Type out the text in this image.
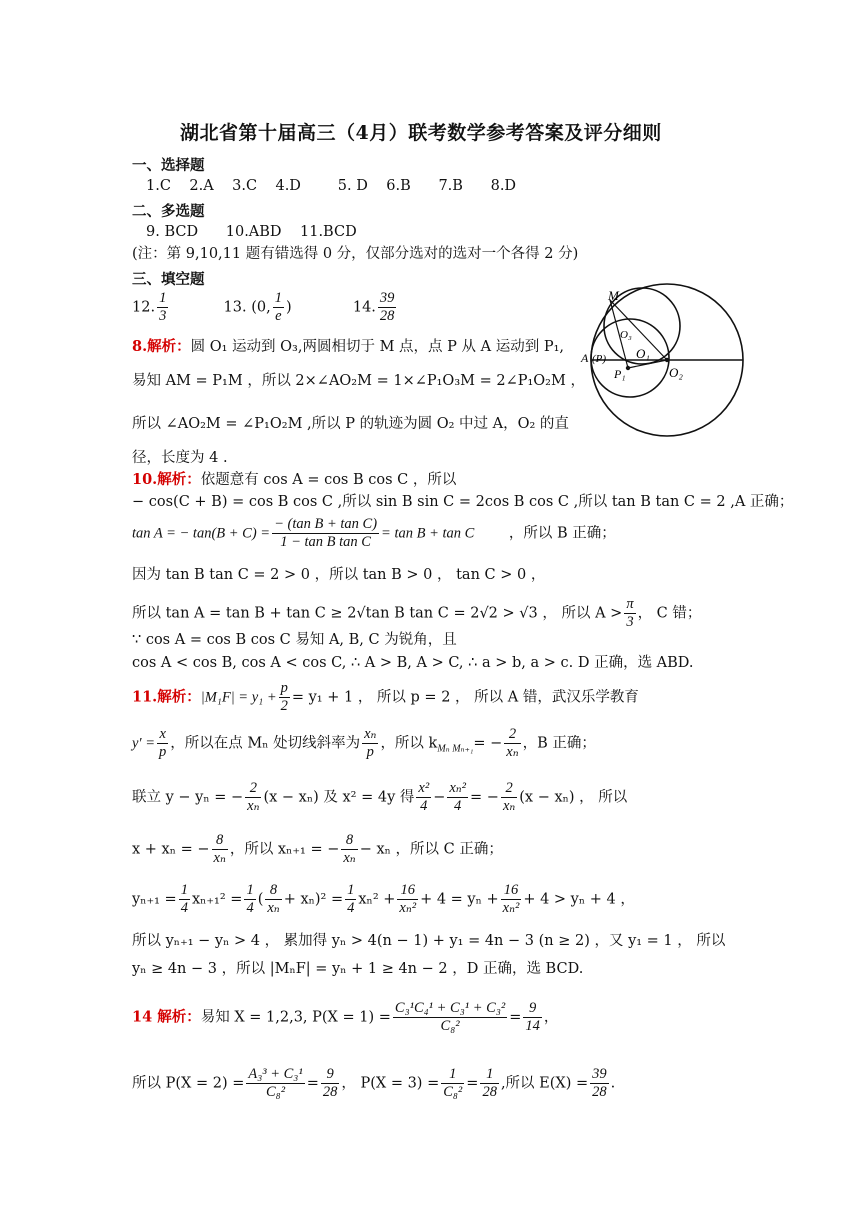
湖北省第十届高三（4月）联考数学参考答案及评分细则
一、选择题
1.C    2.A    3.C    4.D        5. D    6.B      7.B      8.D
二、多选题
9. BCD      10.ABD    11.BCD
(注：第 9,10,11 题有错选得 0 分，仅部分选对的选对一个各得 2 分)
三、填空题
12. $\frac{1}{3}$	13. (0, $\frac{1}{e}$ )	14. $\frac{39}{28}$	M
O₃
A (P) O₁
P₁	O₂
8.解析：圆 O₁ 运动到 O₃,两圆相切于 M 点，点 P 从 A 运动到 P₁,
易知 AM = P₁M ，所以 2×∠AO₂M = 1×∠P₁O₃M = 2∠P₁O₂M ，
所以 ∠AO₂M = ∠P₁O₂M ,所以 P 的轨迹为圆 O₂ 中过 A，O₂ 的直
径，长度为 4 .
10.解析：依题意有 cos A = cos B cos C ，所以
− cos(C + B) = cos B cos C ,所以 sin B sin C = 2cos B cos C ,所以 tan B tan C = 2 ,A 正确；
tan A = − $\tan(B + C) = \frac{\text{− (tan B + tan C)}}{\text{1 − tan B tan C}} = \tan B + \tan C$ ，所以 B 正确；
因为 tan B tan C = 2 > 0 ，所以 tan B > 0 ， tan C > 0 ，
所以 tan A = tan B + tan C ≥ 2√tan B tan C = 2√2 > √3 ， 所以 $A > \frac{\pi}{3}$ ， C 错；
∵ cos A = cos B cos C 易知 A, B, C 为锐角，且
cos A < cos B, cos A < cos C, ∴ A > B, A > C, ∴ a > b, a > c. D 正确，选 ABD.
11.解析：$|M_1F| = y_1 + \frac{p}{2} = y_1 + 1$ ， 所以 p = 2 ， 所以 A 错，武汉乐学教育
$y' = \frac{x}{p}$ ，所以在点 Mₙ 处切线斜率为 $\frac{\text{xₙ}}{p}$ ，所以 $k_{M_n M_{n+1}}= - \frac{2}{\text{xₙ}}$ ，B 正确；
联立 y − yₙ = − $\frac{2}{\text{xₙ}} (x - x_n)$ 及 x² = 4y 得 $\frac{\text{x²}}{4} - \frac{\text{xₙ²}}{4}$ = − $\frac{2}{\text{xₙ}} (x - x_n)$ ， 所以
x + xₙ = − $\frac{8}{\text{xₙ}}$ ，所以 xₙ₊₁ = − $\frac{8}{\text{xₙ}} - x_n$ ，所以 C 正确；
$y_{n+1} = \frac{1}{4} x_{n+1}^2 = \frac{1}{4}$ ( $\frac{8}{\text{xₙ}} + x_n)^2 = \frac{1}{4} x_n^2 + \frac{16}{\text{xₙ²}} + 4 = y_n + \frac{16}{\text{xₙ²}} + 4 > y_n + 4$ ，
所以 yₙ₊₁ − yₙ > 4 ， 累加得 yₙ > 4(n − 1) + y₁ = 4n − 3 (n ≥ 2) ，又 y₁ = 1 ， 所以
yₙ ≥ 4n − 3 ，所以 |MₙF| = yₙ + 1 ≥ 4n − 2 ，D 正确，选 BCD.
14 解析：易知 X = 1,2,3, $P(X = 1) = \frac{\text{C₃¹C₄¹ + C₃¹ + C₃²}}{\text{C₈²}} = \frac{9}{14}$ ，
所以 $P(X = 2) = \frac{\text{A₃³ + C₃¹}}{\text{C₈²}} = \frac{9}{28}$ ， $P(X = 3) = \frac{1}{\text{C₈²}} = \frac{1}{28}$ ,所以 $E(X) = \frac{39}{28}$ .
